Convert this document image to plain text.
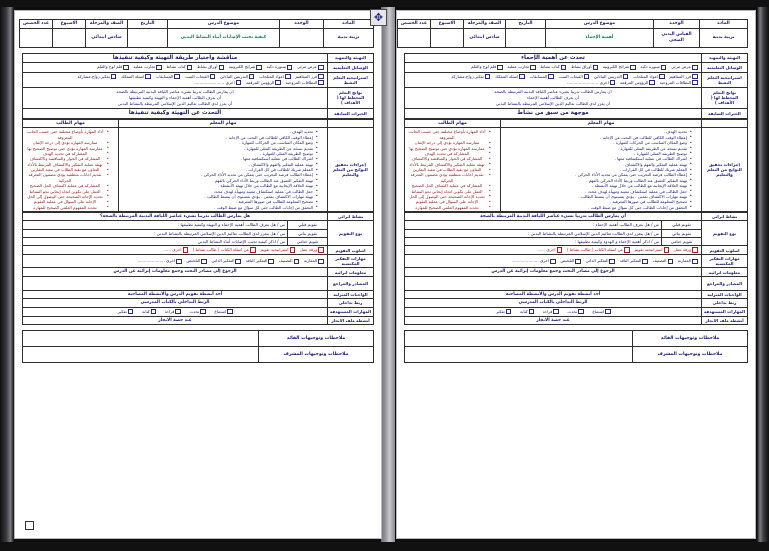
✥	المادة	الوحدة	موضوع الدرس	التاريخ	الصف والمرحلة	الاسبوع	عدد الحصص
تربية بدنية	القياس البدني الصحي	أهمية الإحماء		سادس ابتدائي		
التهيئة والتمهيد	تحدث عن أهمية الإحماء
الوسائل التعليمية	عرض مرئي سبورة ذكية شرائح الكترونية أوراق نشاط كتاب نشاط تجارب عملية قلم لوح والقلم

استراتيجية التعلم النشط	فرز المفاهيم اعواد المثلجات التدريس التبادلي القبعات الست المسابقات اسئلة المفكك تفكير.زواج.مشاركة
البطاقات المروحية الرؤوس المرقمة اخرى ........................

نواتج التعلم المخطط لها ( الأهداف )	ان يمارس الطالب تدريبا بشيء عناصر اللياقة البدنية المرتبطة بالصحة
أن يعرف الطالب أهمية الإحماء
أن يعزز لدى الطالب تعاليم الدين الإسلامي المرتبطة بالنشاط البدني

الخبرات السابقة	موجهة من سبق من نشاط
	مهام المعلم	مهام الطالب
إجراءات تحقيق النواتج من التعلم والتعليم	
• تحديد الهدف .
• إعطاء الوقت الكافي للطالب في البحث عن الإجابة .
• وضع المكان المناسب من الحركات للمهارة .
• تقديم نسخة عن الطريقة المثلى للمهارة .
• توضيح الطريقة المثلى للمهارة .
• اشراك الطالب في عملية استكشافية معها .
• تهيئة عملية التفكير والفهم والاكتشاف .
• المعلم شريك للطالب في كل القرارات .
• إعطاء الطالب فرصة التجريب حتى يتمكن من تحديد الأداء الحركي .
• تهيئة التفكير العميق عند الطالب وربط الأداء الحركي بالفهم .
• تهيئة العلاقة الإيجابية مع الطالب من خلال تهيئة الأنشطة .
• جعل الطالب في عملية استكشاف معينة ومهيأة لهدف محدد .
• تهيئة مهارات الاكتشاف بمعنى . يؤدي بمستوى أن ينشط الطالب .
• تصحيح المعلومة للطالب في صورها المعرفية .
• التحقق من إجابات الطالب حتى كل سؤال مع ضبط الوقت .

• أداء المهارة بأوضاع مختلفة حتى حسب الجانب المعروفة
• ممارسة المهارة تؤدي إلى درجة الإتقان
• ممارسة المهارة تؤدي حتى توضيح الصحيح بها
• المشاركة في تحديد الهدف
• المشاركة في الحوار والمناقشة والاكتشاف
• تهيئة عملية التفكير والاكتشاف المرتبط بالأداء
• التعاون مع بقية الطلاب في تنفيذ التمارين
• تقديم اجابات منطقية يؤدي مضمون المعرفة الحركية
• المشاركة في عملية اكتشاف الحل الصحيح
• العمل على تكوين اتجاه إيجابي نحو النشاط
• تحديد الإجابة الصحيحة حتى الوصول إلى الحل
• الإجابة على السؤال في عملية التقويم
• تحديد المفهوم العلمي الصحيح للمهارة
نشاط اثرائي	أن يمارس الطالب تدريبا بشيء عناصر اللياقة البدنية المرتبطة بالصحة	
نوع التقويم	تقويم قبلي	س / هل يعرف الطالب أهمية الإحماء :
	تقويم بنائي	س / هل يتعزز لدى الطالب تعاليم الدين الإسلامي المرتبطة بالنشاط البدني :
	تقويم ختامي	س / اذكر أهمية الإحماء و الهدوء وكيفية تطبيقها :
اسلوب التقويم	ورقة عمل استراتيجية تقويم عن اسئلة الكتاب ( طالب.نشاط ) اخرى ......	

مهارات التفكير المكتسبة	المقارنة التصنيف التفكير الناقد التفكير الذاتي التلخيص اخرى .....................	

معلومات اثرائية	الرجوع إلى مصادر البحث وجمع معلومات إثرائية عن الدرس	
المصادر والمراجع		
الواجبات المنزلية	أحد أنشطة تقويم الدرس والأنشطة المصاحبة	
ربط تداخلي	الربط التداخلي بالكتاب المدرسي	
المهارات المستهدفة	استماع    تحدث    قراءة    كتابة    تفكير	

أنشطة ملف الانجاز	عند حصة الانجاز	
ملاحظات وتوجيهات القائد	
ملاحظات وتوجيهات المشرف	
المادة	الوحدة	موضوع الدرس	التاريخ	الصف والمرحلة	الاسبوع	عدد الحصص
تربية بدنية		كيفية تجنب الإصابات أثناء النشاط البدني		سادس ابتدائي		
التهيئة والتمهيد	مناقشة واختيار طريقة التهيئة وكيفية تنفيذها
الوسائل التعليمية	عرض مرئي سبورة ذكية شرائح الكترونية أوراق نشاط كتاب نشاط تجارب عملية قلم لوح والقلم

استراتيجية التعلم النشط	فرز المفاهيم اعواد المثلجات التدريس التبادلي القبعات الست المسابقات اسئلة المفكك تفكير.زواج.مشاركة
البطاقات المروحية الرؤوس المرقمة اخرى ........................

نواتج التعلم المخطط لها ( الأهداف )	ان يمارس الطالب تدريبا بشيء عناصر اللياقة البدنية المرتبطة بالصحة
أن يعرف الطالب أهمية الإحماء و التهيئة وكيفية تطبيقها
أن يعزز لدى الطالب تعاليم الدين الإسلامي المرتبطة بالنشاط البدني

الخبرات السابقة	التحدث عن التهيئة وكيفية تنفيذها
	مهام المعلم	مهام الطالب
إجراءات تحقيق النواتج من التعلم والتعليم	
• تحديد الهدف .
• إعطاء الوقت الكافي للطالب في البحث عن الإجابة .
• وضع المكان المناسب من الحركات للمهارة .
• تقديم نسخة عن الطريقة المثلى للمهارة .
• توضيح الطريقة المثلى للمهارة .
• اشراك الطالب في عملية استكشافية معها .
• تهيئة عملية التفكير والفهم والاكتشاف .
• المعلم شريك للطالب في كل القرارات .
• إعطاء الطالب فرصة التجريب حتى يتمكن من تحديد الأداء الحركي .
• تهيئة التفكير العميق عند الطالب وربط الأداء الحركي بالفهم .
• تهيئة العلاقة الإيجابية مع الطالب من خلال تهيئة الأنشطة .
• جعل الطالب في عملية استكشاف معينة ومهيأة لهدف محدد .
• تهيئة مهارات الاكتشاف بمعنى . يؤدي بمستوى أن ينشط الطالب .
• تصحيح المعلومة للطالب في صورها المعرفية .
• التحقق من إجابات الطالب حتى كل سؤال مع ضبط الوقت .

• أداء المهارة بأوضاع مختلفة حتى حسب الجانب المعروفة
• ممارسة المهارة تؤدي إلى درجة الإتقان
• ممارسة المهارة تؤدي حتى توضيح الصحيح بها
• المشاركة في تحديد الهدف
• المشاركة في الحوار والمناقشة والاكتشاف
• تهيئة عملية التفكير والاكتشاف المرتبط بالأداء
• التعاون مع بقية الطلاب في تنفيذ التمارين
• تقديم اجابات منطقية يؤدي مضمون المعرفة الحركية
• المشاركة في عملية اكتشاف الحل الصحيح
• العمل على تكوين اتجاه إيجابي نحو النشاط
• تحديد الإجابة الصحيحة حتى الوصول إلى الحل
• الإجابة على السؤال في عملية التقويم
• تحديد المفهوم العلمي الصحيح للمهارة
نشاط اثرائي	هل يمارس الطالب تدريبا بشيء عناصر اللياقة البدنية المرتبطة بالصحة؟	
نوع التقويم	تقويم قبلي	س / هل يعرف الطالب أهمية الإحماء و التهيئة وكيفية تطبيقها :
	تقويم بنائي	س / هل يتعزز لدى الطالب تعاليم الدين الإسلامي المرتبطة بالنشاط البدني :
	تقويم ختامي	س / اذكر كيفية تجنب الإصابات أثناء النشاط البدني
اسلوب التقويم	ورقة عمل استراتيجية تقويم عن اسئلة الكتاب ( طالب.نشاط ) اخرى ......	

مهارات التفكير المكتسبة	المقارنة التصنيف التفكير الناقد التفكير الذاتي التلخيص اخرى .....................	

معلومات اثرائية	الرجوع إلى مصادر البحث وجمع معلومات إثرائية عن الدرس	
المصادر والمراجع		
الواجبات المنزلية	أحد أنشطة تقويم الدرس والأنشطة المصاحبة	
ربط تداخلي	الربط التداخلي بالكتاب المدرسي	
المهارات المستهدفة	استماع    تحدث    قراءة    كتابة    تفكير	

أنشطة ملف الانجاز	عند حصة الانجاز	
ملاحظات وتوجيهات القائد	
ملاحظات وتوجيهات المشرف	
